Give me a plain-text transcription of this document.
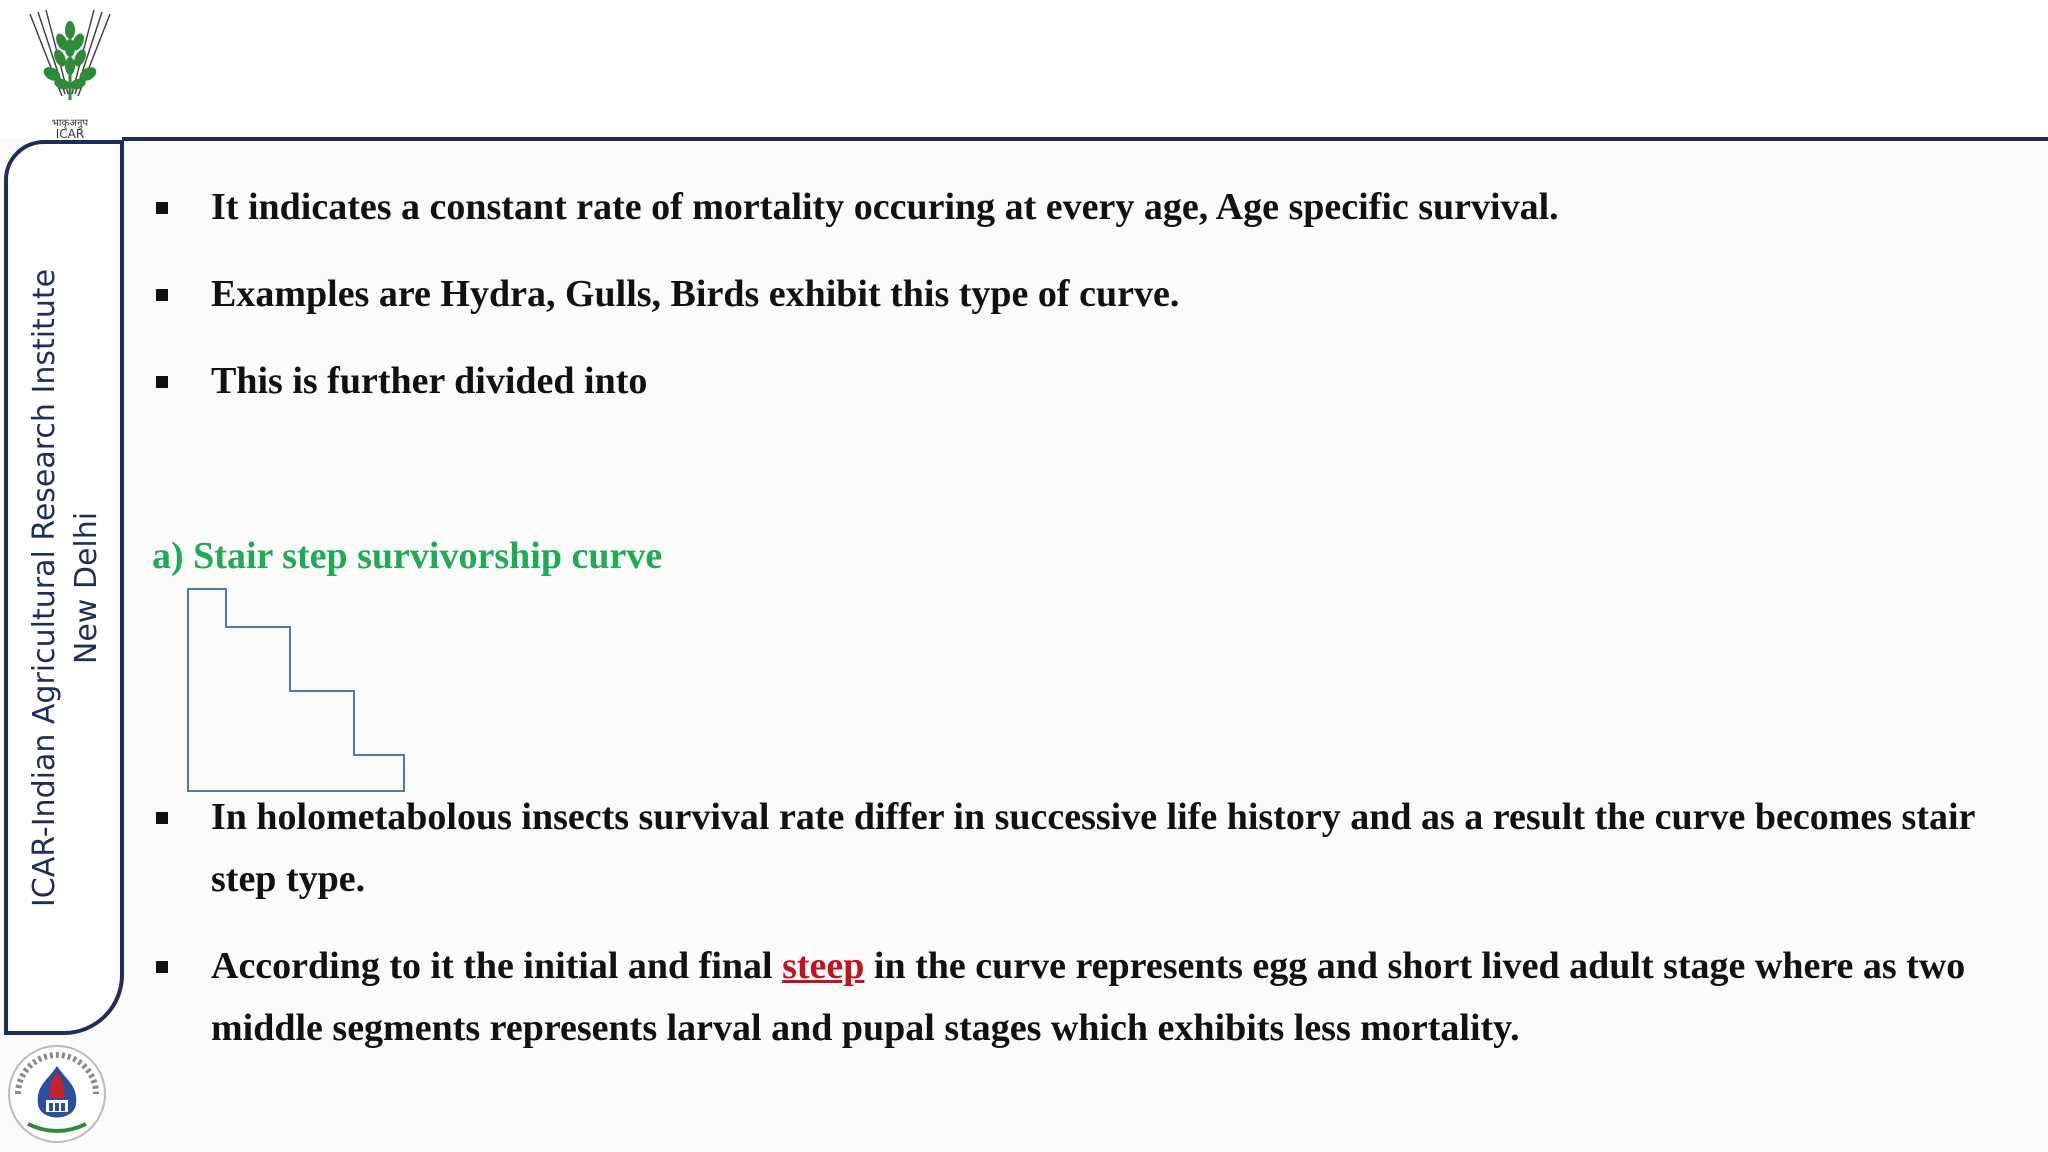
भाकृअनुप
ICAR
ICAR-Indian Agricultural Research Institute New Delhi
It indicates a constant rate of mortality occuring at every age, Age specific survival.
Examples are Hydra, Gulls, Birds exhibit this type of curve.
This is further divided into
a) Stair step survivorship curve
In holometabolous insects survival rate differ in successive life history and as a result the curve becomes stair step type.
According to it the initial and final steep in the curve represents egg and short lived adult stage where as two middle segments represents larval and pupal stages which exhibits less mortality.
